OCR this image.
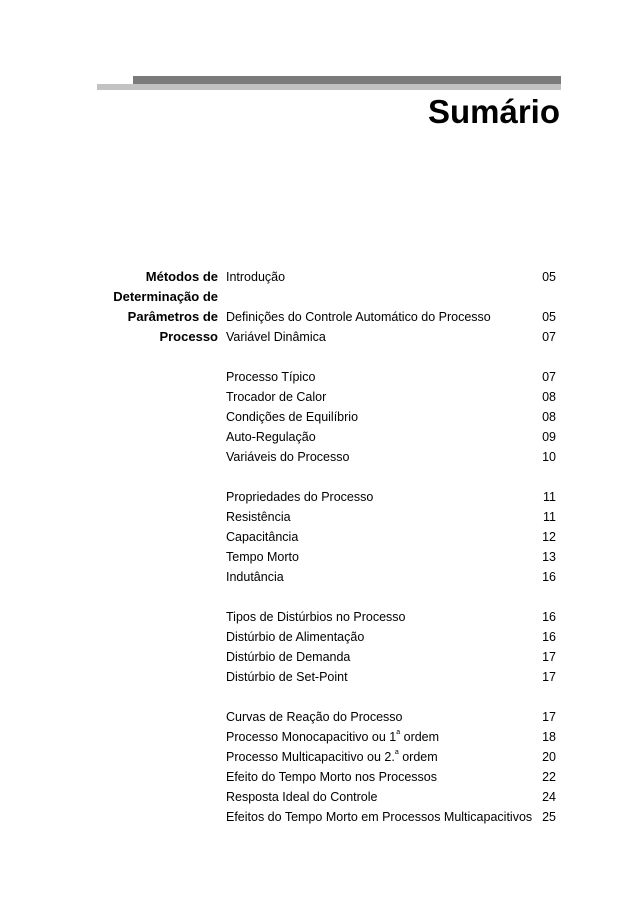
Sumário
Métodos de
Determinação de
Parâmetros de
Processo
Introdução	05
Definições do Controle Automático do Processo	05
Variável Dinâmica	07
Processo Típico	07
Trocador de Calor	08
Condições de Equilíbrio	08
Auto-Regulação	09
Variáveis do Processo	10
Propriedades do Processo	11
Resistência	11
Capacitância	12
Tempo Morto	13
Indutância	16
Tipos de Distúrbios no Processo	16
Distúrbio de Alimentação	16
Distúrbio de Demanda	17
Distúrbio de Set-Point	17
Curvas de Reação do Processo	17
Processo Monocapacitivo ou 1$^a$ ordem	18
Processo Multicapacitivo ou 2.$^a$ ordem	20
Efeito do Tempo Morto nos Processos	22
Resposta Ideal do Controle	24
Efeitos do Tempo Morto em Processos Multicapacitivos 25
